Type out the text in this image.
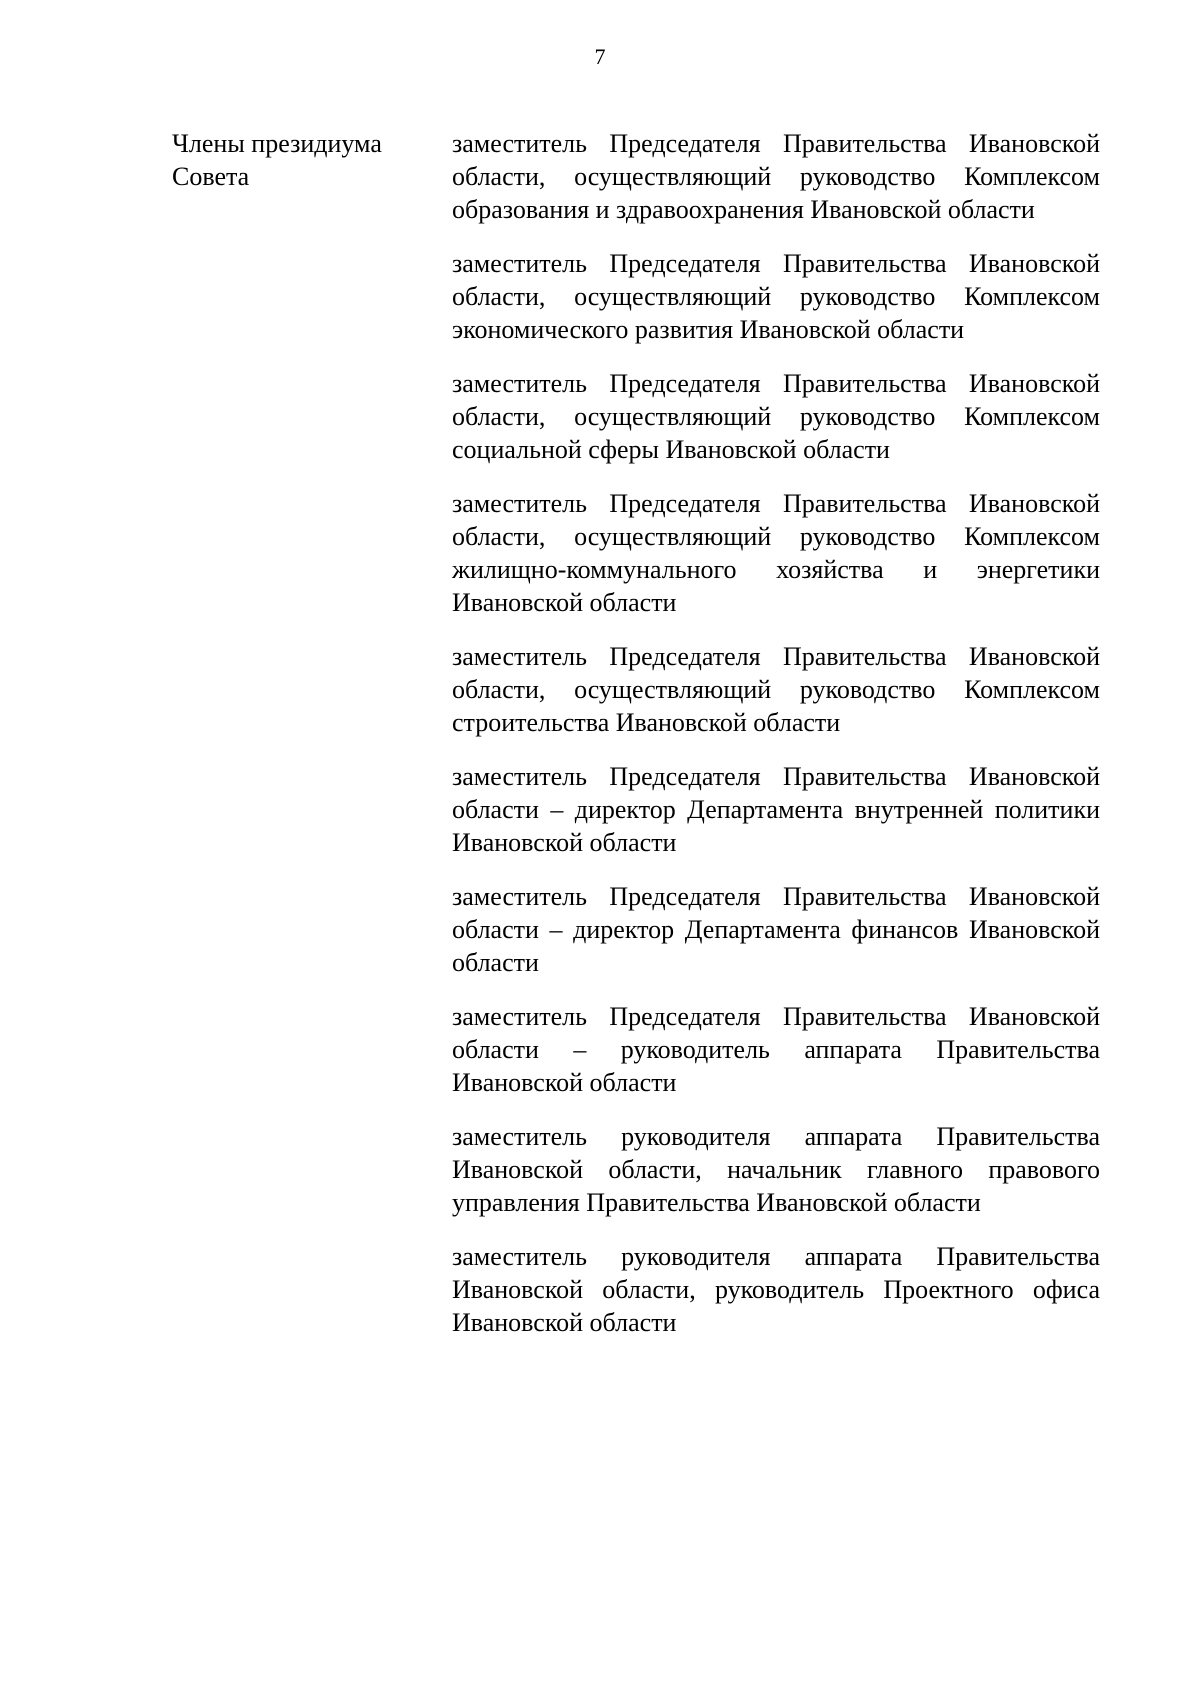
7
Члены президиума
Совета

заместитель Председателя Правительства Ивановской области, осуществляющий руководство Комплексом образования и здравоохранения Ивановской области

заместитель Председателя Правительства Ивановской области, осуществляющий руководство Комплексом экономического развития Ивановской области

заместитель Председателя Правительства Ивановской области, осуществляющий руководство Комплексом социальной сферы Ивановской области

заместитель Председателя Правительства Ивановской области, осуществляющий руководство Комплексом жилищно-коммунального хозяйства и энергетики Ивановской области

заместитель Председателя Правительства Ивановской области, осуществляющий руководство Комплексом строительства Ивановской области

заместитель Председателя Правительства Ивановской области – директор Департамента внутренней политики Ивановской области

заместитель Председателя Правительства Ивановской области – директор Департамента финансов Ивановской области

заместитель Председателя Правительства Ивановской области – руководитель аппарата Правительства Ивановской области

заместитель руководителя аппарата Правительства Ивановской области, начальник главного правового управления Правительства Ивановской области

заместитель руководителя аппарата Правительства Ивановской области, руководитель Проектного офиса Ивановской области
